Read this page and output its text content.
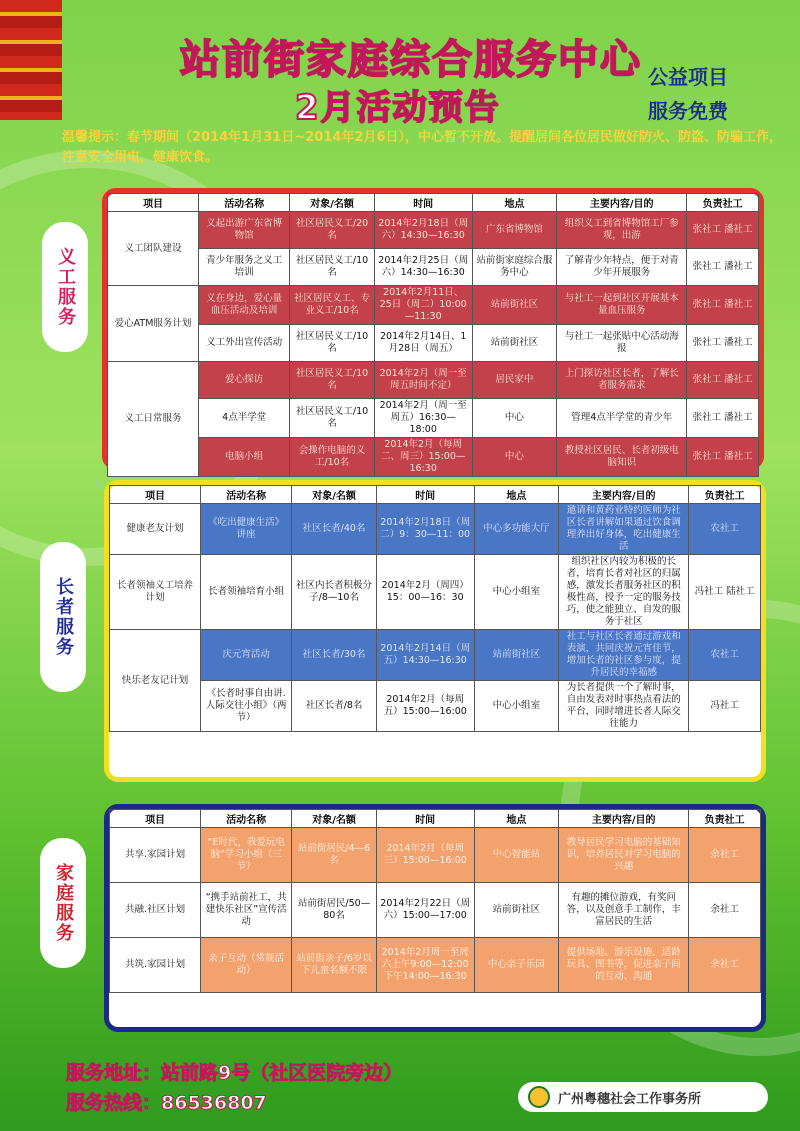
站前街家庭综合服务中心
2月活动预告
公益项目
服务免费
温馨提示：春节期间（2014年1月31日~2014年2月6日），中心暂不开放。提醒居间各位居民做好防火、防盗、防骗工作，注意安全用电，健康饮食。
义工服务
长者服务
家庭服务
项目	活动名称	对象/名额	时间	地点	主要内容/目的	负责社工
义工团队建设	义起出游广东省博物馆	社区居民义工/20名	2014年2月18日（周六）14:30—16:30	广东省博物馆	组织义工到省博物馆工厂参观，出游	张社工 潘社工
	青少年服务之义工培训	社区居民义工/10名	2014年2月25日（周六）14:30—16:30	站前街家庭综合服务中心	了解青少年特点，便于对青少年开展服务	张社工 潘社工
爱心ATM服务计划	义在身边，爱心量血压活动及培训	社区居民义工、专业义工/10名	2014年2月11日、25日（周二）10:00—11:30	站前街社区	与社工一起到社区开展基本量血压服务	张社工 潘社工
	义工外出宣传活动	社区居民义工/10名	2014年2月14日、1月28日（周五）	站前街社区	与社工一起张贴中心活动海报	张社工 潘社工
义工日常服务	爱心探访	社区居民义工/10名	2014年2月（周一至周五时间不定）	居民家中	上门探访社区长者，了解长者服务需求	张社工 潘社工
	4点半学堂	社区居民义工/10名	2014年2月（周一至周五）16:30—18:00	中心	管理4点半学堂的青少年	张社工 潘社工
	电脑小组	会操作电脑的义工/10名	2014年2月（每周二、周三）15:00—16:30	中心	教授社区居民、长者初级电脑知识	张社工 潘社工
项目	活动名称	对象/名额	时间	地点	主要内容/目的	负责社工
健康老友计划	《吃出健康生活》讲座	社区长者/40名	2014年2月18日（周二）9：30—11：00	中心多功能大厅	邀请和黄药业特约医师为社区长者讲解如果通过饮食调理养出好身体，吃出健康生活	农社工
长者领袖义工培养计划	长者领袖培育小组	社区内长者积极分子/8—10名	2014年2月（周四）15：00—16：30	中心小组室	组织社区内较为积极的长者，培育长者对社区的归属感，激发长者服务社区的积极性高，授予一定的服务技巧，使之能独立、自发的服务于社区	冯社工 陆社工
快乐老友记计划	庆元宵活动	社区长者/30名	2014年2月14日（周五）14:30—16:30	站前街社区	社工与社区长者通过游戏和表演，共同庆祝元宵佳节，增加长者的社区参与度，提升居民的幸福感	农社工
	《长者时事自由讲.人际交往小组》（两节）	社区长者/8名	2014年2月（每周五）15:00—16:00	中心小组室	为长者提供一个了解时事，自由发表对时事热点看法的平台，同时增进长者人际交往能力	冯社工
项目	活动名称	对象/名额	时间	地点	主要内容/目的	负责社工
共享.家园计划	“E时代，我爱玩电脑”学习小组（三节）	站前街居民/4—6名	2014年2月（每周三）15:00—16:00	中心智能站	教导居民学习电脑的基础知识，培养居民对学习电脑的兴趣	余社工
共融.社区计划	“携手站前社工，共建快乐社区”宣传活动	站前街居民/50—80名	2014年2月22日（周六）15:00—17:00	站前街社区	有趣的摊位游戏，有奖问答，以及创意手工制作，丰富居民的生活	余社工
共筑.家园计划	亲子互动（常规活动）	站前街亲子/6岁以下儿童名额不限	2014年2月周一至周六上午9:00—12:00下午14:00—16:30	中心亲子乐园	提供场地、游乐设施、适龄玩具、图书等，促进亲子间的互动、沟通	余社工
服务地址：站前路9号（社区医院旁边）
服务热线：86536807	广州粤穗社会工作事务所
